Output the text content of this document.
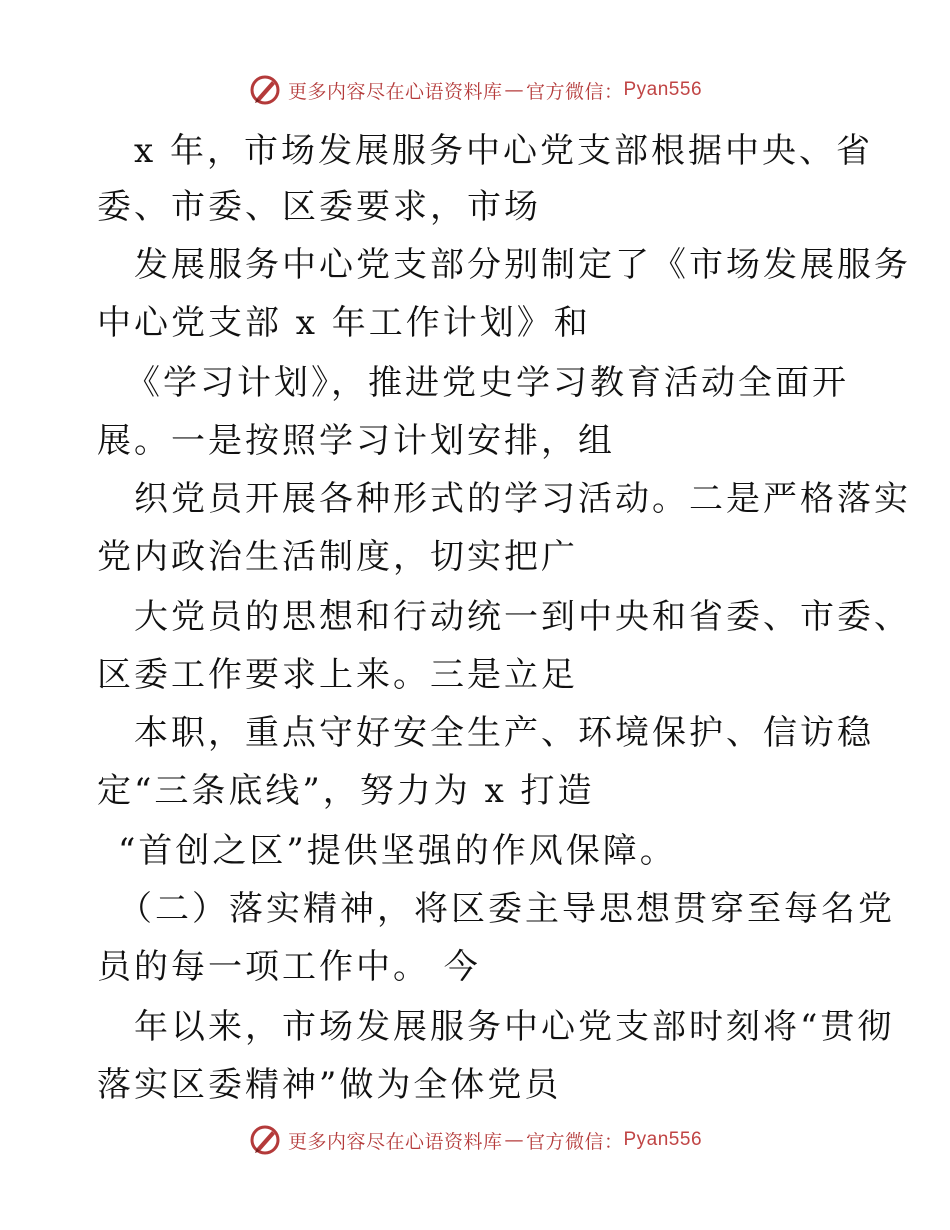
更多内容尽在心语资料库 — 官方微信： Pyan556
x 年，市场发展服务中心党支部根据中央、省
委、市委、区委要求，市场
发展服务中心党支部分别制定了《市场发展服务
中心党支部 x 年工作计划》和
《学习计划》，推进党史学习教育活动全面开
展。一是按照学习计划安排，组
织党员开展各种形式的学习活动。二是严格落实
党内政治生活制度，切实把广
大党员的思想和行动统一到中央和省委、市委、
区委工作要求上来。三是立足
本职，重点守好安全生产、环境保护、信访稳
定“三条底线”，努力为 x 打造
“首创之区”提供坚强的作风保障。
（二）落实精神，将区委主导思想贯穿至每名党
员的每一项工作中。 今
年以来，市场发展服务中心党支部时刻将“贯彻
落实区委精神”做为全体党员
更多内容尽在心语资料库 — 官方微信： Pyan556
